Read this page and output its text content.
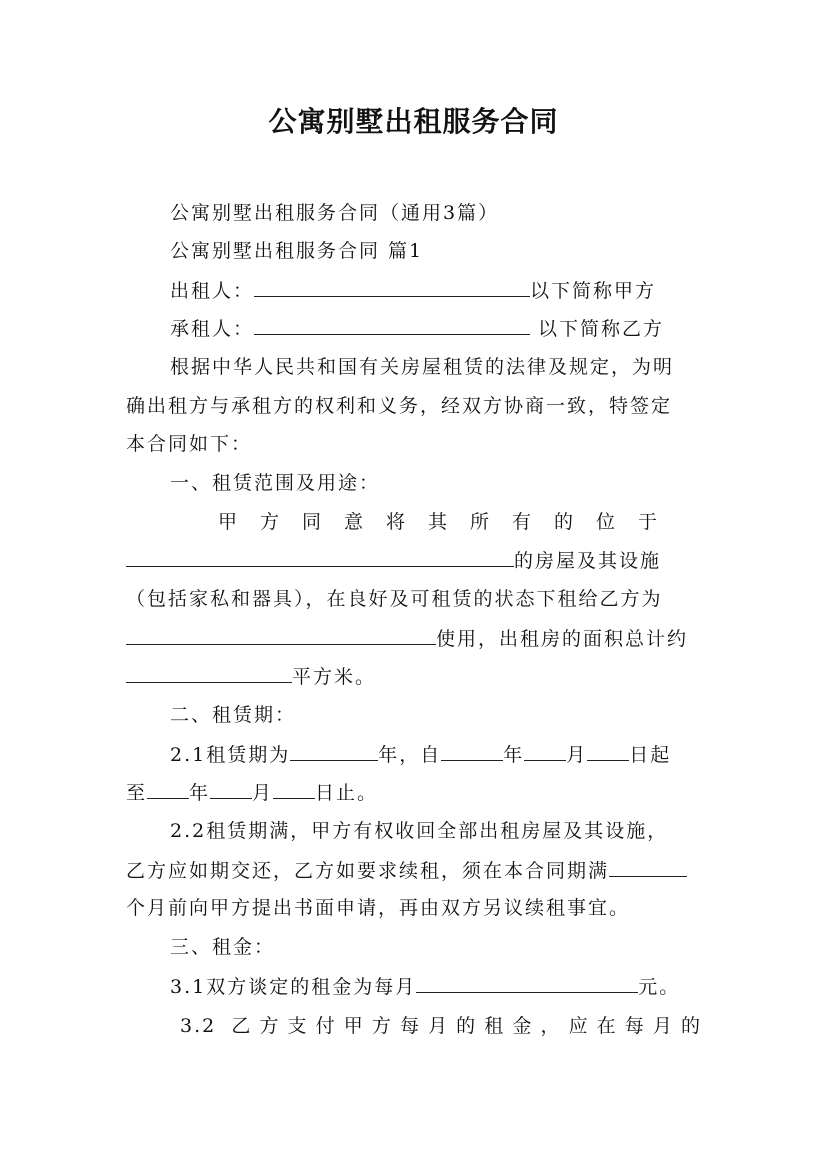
公寓别墅出租服务合同
公寓别墅出租服务合同（通用3篇）
公寓别墅出租服务合同 篇1
出租人：	以下简称甲方
承租人：	以下简称乙方
根据中华人民共和国有关房屋租赁的法律及规定，为明
确出租方与承租方的权利和义务，经双方协商一致，特签定
本合同如下：
一、租赁范围及用途：
甲　方　同　意　将　其　所　有　的　位　于
的房屋及其设施
（包括家私和器具），在良好及可租赁的状态下租给乙方为
使用，出租房的面积总计约
平方米。
二、租赁期：
2.1租赁期为	年，自	年 月 日起
至 年 月 日止。
2.2租赁期满，甲方有权收回全部出租房屋及其设施，
乙方应如期交还，乙方如要求续租，须在本合同期满
个月前向甲方提出书面申请，再由双方另议续租事宜。
三、租金：
3.1双方谈定的租金为每月	元。
3.2 乙方支付甲方每月的租金，应在每月的
